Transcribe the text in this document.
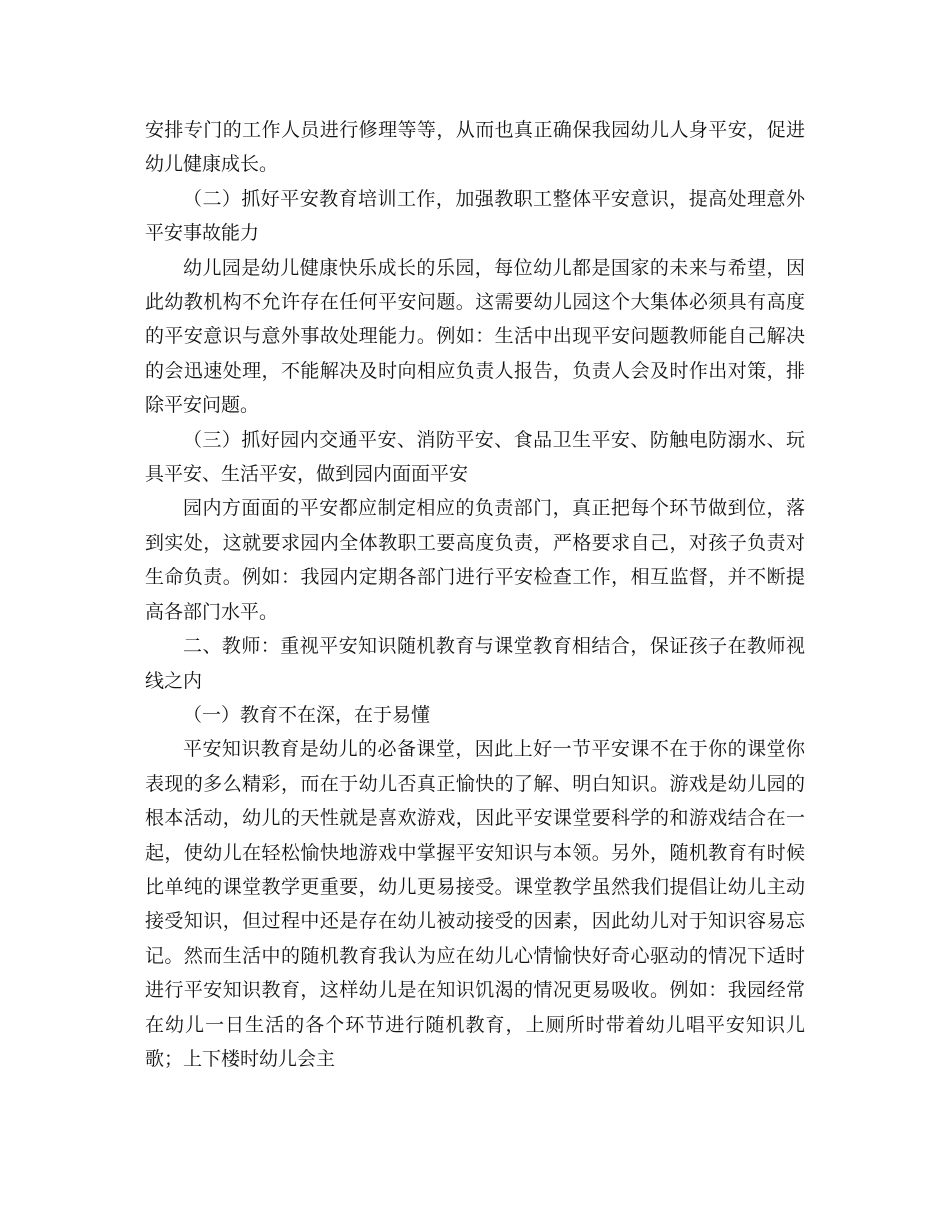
安排专门的工作人员进行修理等等，从而也真正确保我园幼儿人身平安，促进幼儿健康成长。

（二）抓好平安教育培训工作，加强教职工整体平安意识，提高处理意外平安事故能力

幼儿园是幼儿健康快乐成长的乐园，每位幼儿都是国家的未来与希望，因此幼教机构不允许存在任何平安问题。这需要幼儿园这个大集体必须具有高度的平安意识与意外事故处理能力。例如：生活中出现平安问题教师能自己解决的会迅速处理，不能解决及时向相应负责人报告，负责人会及时作出对策，排除平安问题。

（三）抓好园内交通平安、消防平安、食品卫生平安、防触电防溺水、玩具平安、生活平安，做到园内面面平安

园内方面面的平安都应制定相应的负责部门，真正把每个环节做到位，落到实处，这就要求园内全体教职工要高度负责，严格要求自己，对孩子负责对生命负责。例如：我园内定期各部门进行平安检查工作，相互监督，并不断提高各部门水平。

二、教师：重视平安知识随机教育与课堂教育相结合，保证孩子在教师视线之内

（一）教育不在深，在于易懂

平安知识教育是幼儿的必备课堂，因此上好一节平安课不在于你的课堂你表现的多么精彩，而在于幼儿否真正愉快的了解、明白知识。游戏是幼儿园的根本活动，幼儿的天性就是喜欢游戏，因此平安课堂要科学的和游戏结合在一起，使幼儿在轻松愉快地游戏中掌握平安知识与本领。另外，随机教育有时候比单纯的课堂教学更重要，幼儿更易接受。课堂教学虽然我们提倡让幼儿主动接受知识，但过程中还是存在幼儿被动接受的因素，因此幼儿对于知识容易忘记。然而生活中的随机教育我认为应在幼儿心情愉快好奇心驱动的情况下适时进行平安知识教育，这样幼儿是在知识饥渴的情况更易吸收。例如：我园经常在幼儿一日生活的各个环节进行随机教育，上厕所时带着幼儿唱平安知识儿歌；上下楼时幼儿会主
